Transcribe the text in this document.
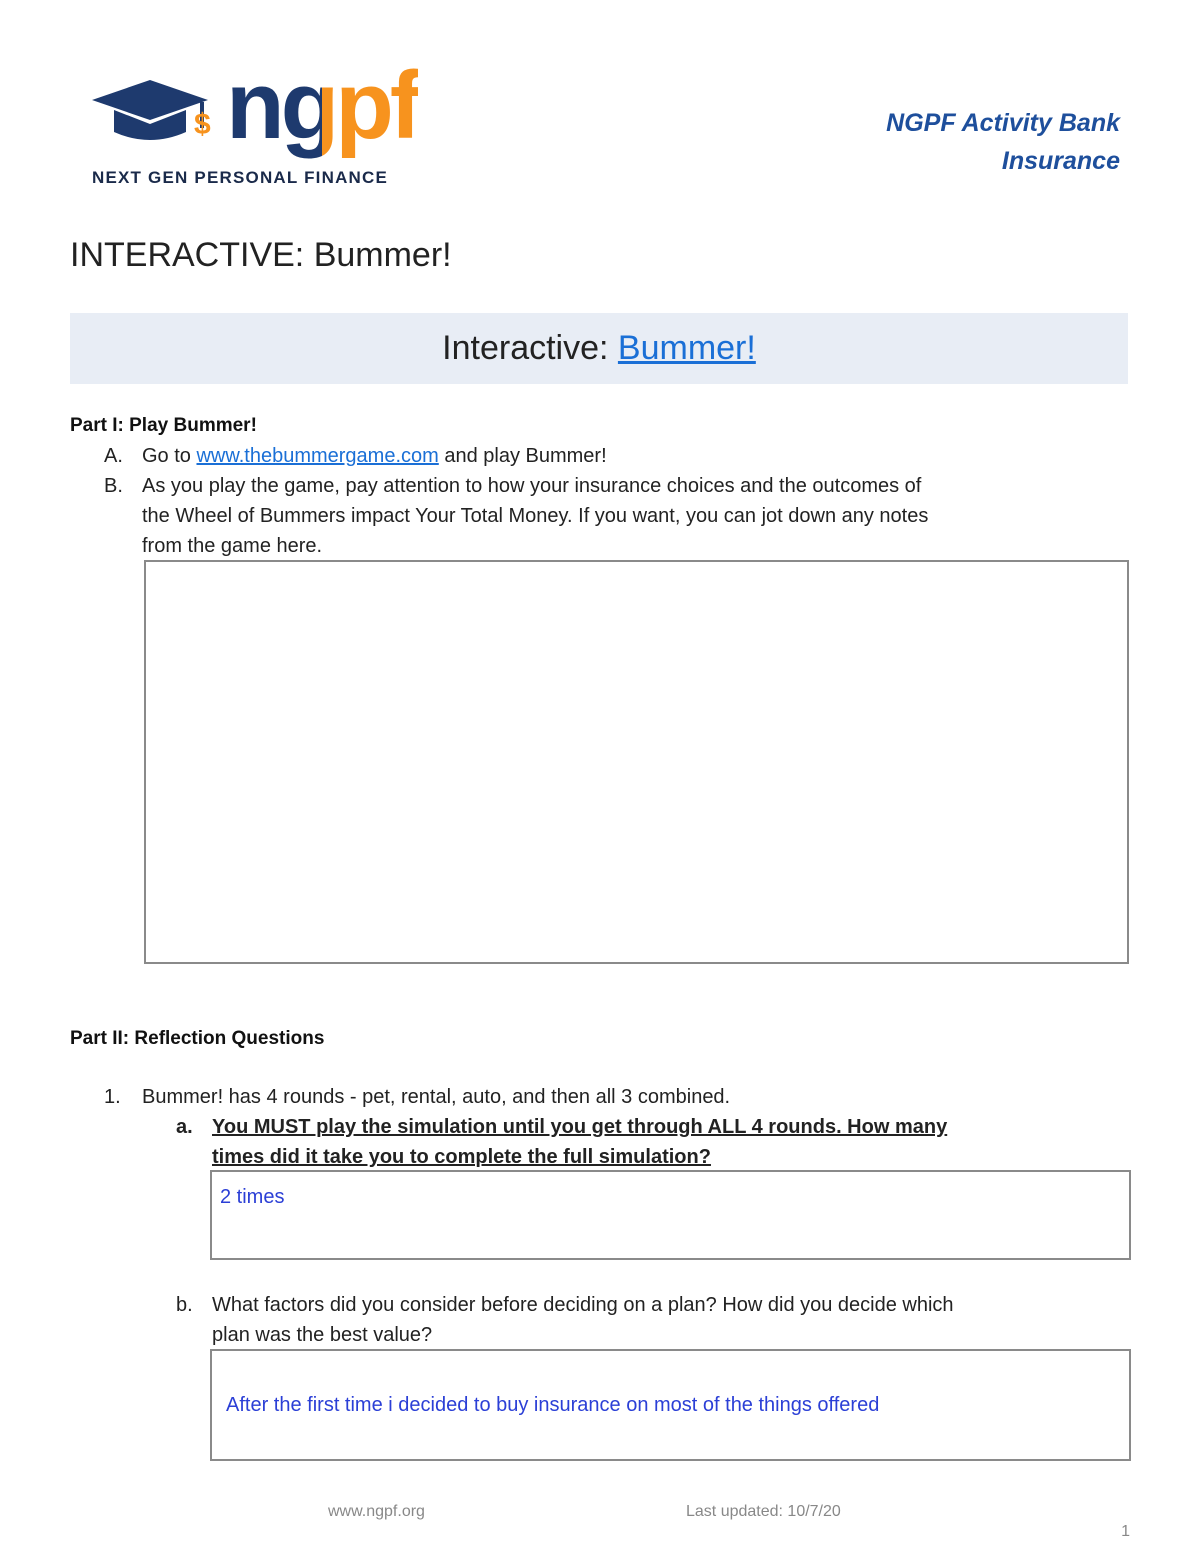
$ ngpf
NEXT GEN PERSONAL FINANCE
NGPF Activity Bank
Insurance
INTERACTIVE: Bummer!
Interactive: Bummer!
Part I: Play Bummer!
A. Go to www.thebummergame.com and play Bummer!
B. As you play the game, pay attention to how your insurance choices and the outcomes of
the Wheel of Bummers impact Your Total Money. If you want, you can jot down any notes
from the game here.
Part II: Reflection Questions
1. Bummer! has 4 rounds - pet, rental, auto, and then all 3 combined.
a. You MUST play the simulation until you get through ALL 4 rounds. How many
times did it take you to complete the full simulation?
2 times
b. What factors did you consider before deciding on a plan? How did you decide which
plan was the best value?
After the first time i decided to buy insurance on most of the things offered
www.ngpf.org	Last updated: 10/7/20
1
